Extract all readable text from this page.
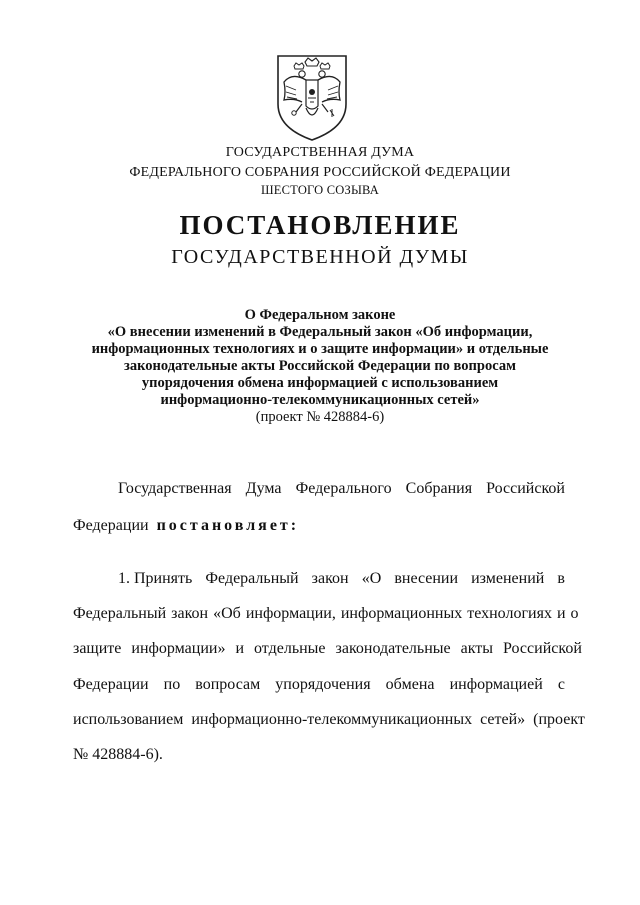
ГОСУДАРСТВЕННАЯ ДУМА
ФЕДЕРАЛЬНОГО СОБРАНИЯ РОССИЙСКОЙ ФЕДЕРАЦИИ
ШЕСТОГО СОЗЫВА
ПОСТАНОВЛЕНИЕ
ГОСУДАРСТВЕННОЙ ДУМЫ
О Федеральном законе
«О внесении изменений в Федеральный закон «Об информации,
информационных технологиях и о защите информации» и отдельные
законодательные акты Российской Федерации по вопросам
упорядочения обмена информацией с использованием
информационно-телекоммуникационных сетей»
(проект № 428884-6)
Государственная Дума Федерального Собрания Российской
Федерации постановляет:
1. Принять Федеральный закон «О внесении изменений в
Федеральный закон «Об информации, информационных технологиях и о
защите информации» и отдельные законодательные акты Российской
Федерации по вопросам упорядочения обмена информацией с
использованием информационно-телекоммуникационных сетей» (проект
№ 428884-6).
